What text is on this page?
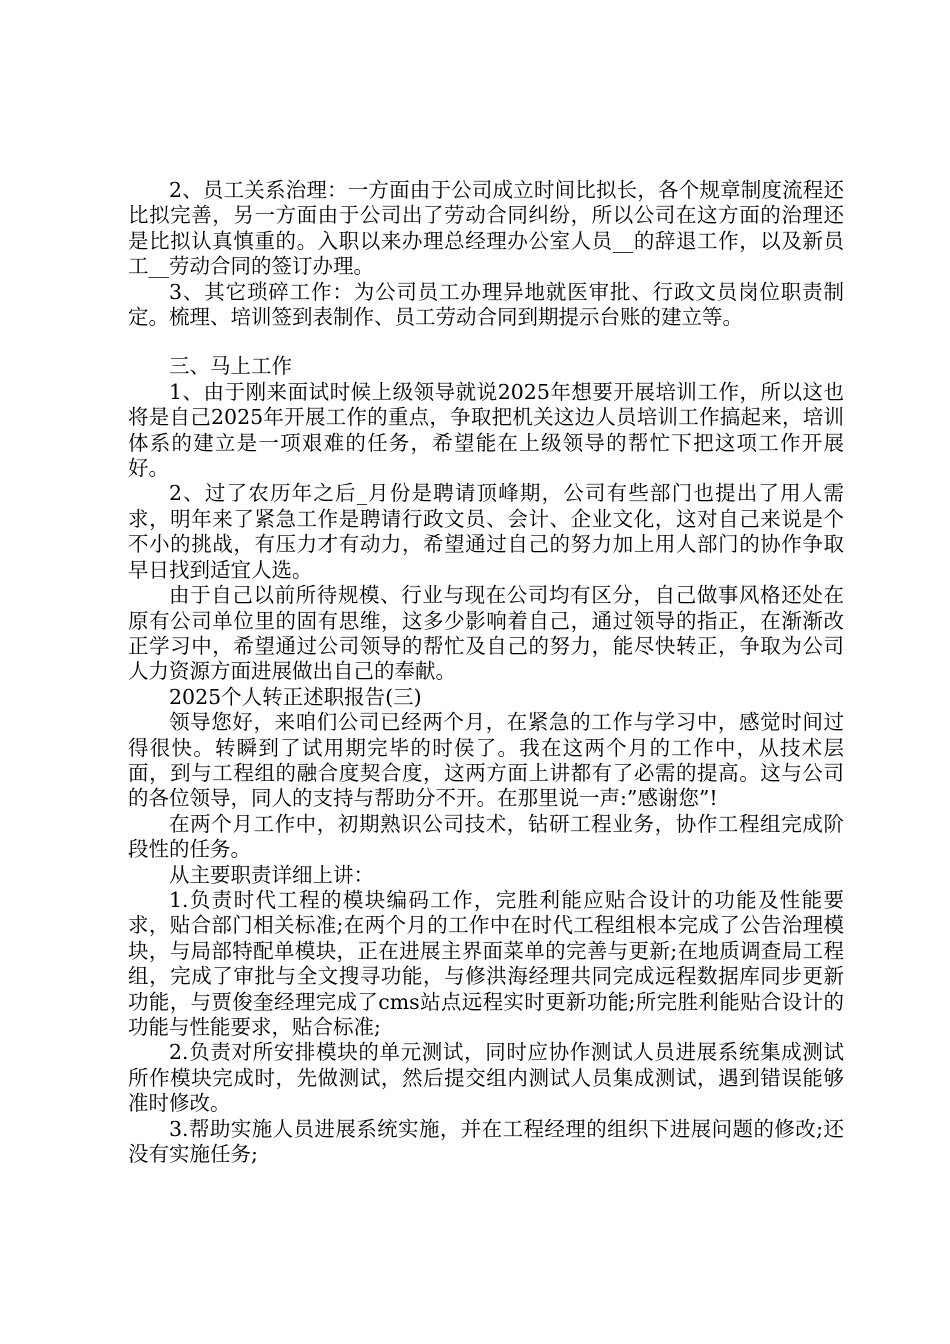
2、员工关系治理：一方面由于公司成立时间比拟长，各个规章制度流程还比拟完善，另一方面由于公司出了劳动合同纠纷，所以公司在这方面的治理还是比拟认真慎重的。入职以来办理总经理办公室人员__的辞退工作，以及新员工__劳动合同的签订办理。

3、其它琐碎工作：为公司员工办理异地就医审批、行政文员岗位职责制定。梳理、培训签到表制作、员工劳动合同到期提示台账的建立等。

三、马上工作

1、由于刚来面试时候上级领导就说2025年想要开展培训工作，所以这也将是自己2025年开展工作的重点，争取把机关这边人员培训工作搞起来，培训体系的建立是一项艰难的任务，希望能在上级领导的帮忙下把这项工作开展好。

2、过了农历年之后_月份是聘请顶峰期，公司有些部门也提出了用人需求，明年来了紧急工作是聘请行政文员、会计、企业文化，这对自己来说是个不小的挑战，有压力才有动力，希望通过自己的努力加上用人部门的协作争取早日找到适宜人选。

由于自己以前所待规模、行业与现在公司均有区分，自己做事风格还处在原有公司单位里的固有思维，这多少影响着自己，通过领导的指正，在渐渐改正学习中，希望通过公司领导的帮忙及自己的努力，能尽快转正，争取为公司人力资源方面进展做出自己的奉献。

2025个人转正述职报告(三)

领导您好，来咱们公司已经两个月，在紧急的工作与学习中，感觉时间过得很快。转瞬到了试用期完毕的时侯了。我在这两个月的工作中，从技术层面，到与工程组的融合度契合度，这两方面上讲都有了必需的提高。这与公司的各位领导，同人的支持与帮助分不开。在那里说一声:”感谢您”!

在两个月工作中，初期熟识公司技术，钻研工程业务，协作工程组完成阶段性的任务。

从主要职责详细上讲：

1.负责时代工程的模块编码工作，完胜利能应贴合设计的功能及性能要求，贴合部门相关标准;在两个月的工作中在时代工程组根本完成了公告治理模块，与局部特配单模块，正在进展主界面菜单的完善与更新;在地质调查局工程组，完成了审批与全文搜寻功能，与修洪海经理共同完成远程数据库同步更新功能，与贾俊奎经理完成了cms站点远程实时更新功能;所完胜利能贴合设计的功能与性能要求，贴合标准;

2.负责对所安排模块的单元测试，同时应协作测试人员进展系统集成测试所作模块完成时，先做测试，然后提交组内测试人员集成测试，遇到错误能够准时修改。

3.帮助实施人员进展系统实施，并在工程经理的组织下进展问题的修改;还没有实施任务;
